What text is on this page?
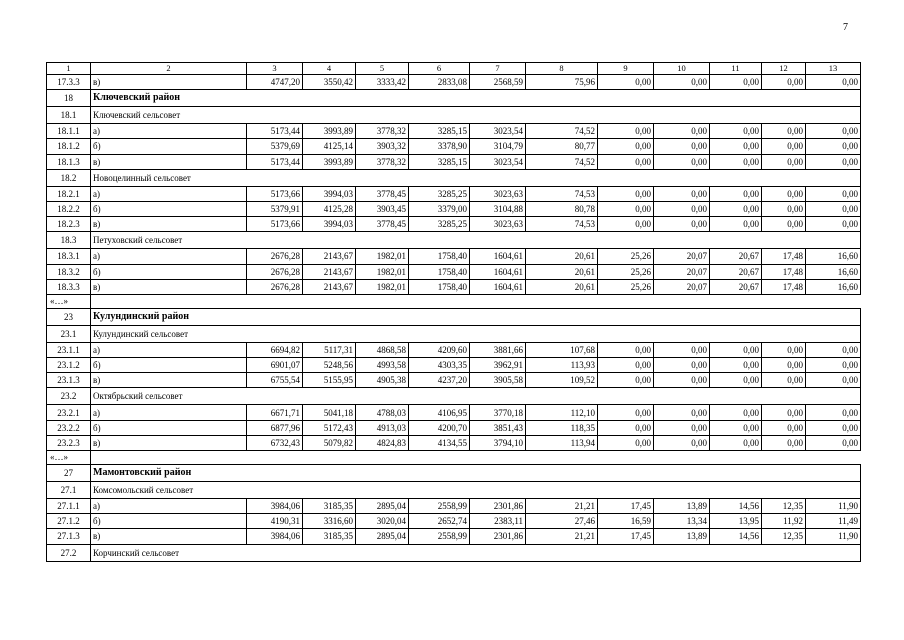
7
1	2	3	4	5	6	7	8	9	10	11	12	13
17.3.3	в)	4747,20	3550,42	3333,42	2833,08	2568,59	75,96	0,00	0,00	0,00	0,00	0,00
18	Ключевский район											
18.1	Ключевский сельсовет											
18.1.1	а)	5173,44	3993,89	3778,32	3285,15	3023,54	74,52	0,00	0,00	0,00	0,00	0,00
18.1.2	б)	5379,69	4125,14	3903,32	3378,90	3104,79	80,77	0,00	0,00	0,00	0,00	0,00
18.1.3	в)	5173,44	3993,89	3778,32	3285,15	3023,54	74,52	0,00	0,00	0,00	0,00	0,00
18.2	Новоцелинный сельсовет											
18.2.1	а)	5173,66	3994,03	3778,45	3285,25	3023,63	74,53	0,00	0,00	0,00	0,00	0,00
18.2.2	б)	5379,91	4125,28	3903,45	3379,00	3104,88	80,78	0,00	0,00	0,00	0,00	0,00
18.2.3	в)	5173,66	3994,03	3778,45	3285,25	3023,63	74,53	0,00	0,00	0,00	0,00	0,00
18.3	Петуховский сельсовет											
18.3.1	а)	2676,28	2143,67	1982,01	1758,40	1604,61	20,61	25,26	20,07	20,67	17,48	16,60
18.3.2	б)	2676,28	2143,67	1982,01	1758,40	1604,61	20,61	25,26	20,07	20,67	17,48	16,60
18.3.3	в)	2676,28	2143,67	1982,01	1758,40	1604,61	20,61	25,26	20,07	20,67	17,48	16,60
«…»												
23	Кулундинский район											
23.1	Кулундинский сельсовет											
23.1.1	а)	6694,82	5117,31	4868,58	4209,60	3881,66	107,68	0,00	0,00	0,00	0,00	0,00
23.1.2	б)	6901,07	5248,56	4993,58	4303,35	3962,91	113,93	0,00	0,00	0,00	0,00	0,00
23.1.3	в)	6755,54	5155,95	4905,38	4237,20	3905,58	109,52	0,00	0,00	0,00	0,00	0,00
23.2	Октябрьский сельсовет											
23.2.1	а)	6671,71	5041,18	4788,03	4106,95	3770,18	112,10	0,00	0,00	0,00	0,00	0,00
23.2.2	б)	6877,96	5172,43	4913,03	4200,70	3851,43	118,35	0,00	0,00	0,00	0,00	0,00
23.2.3	в)	6732,43	5079,82	4824,83	4134,55	3794,10	113,94	0,00	0,00	0,00	0,00	0,00
«…»												
27	Мамонтовский район											
27.1	Комсомольский сельсовет											
27.1.1	а)	3984,06	3185,35	2895,04	2558,99	2301,86	21,21	17,45	13,89	14,56	12,35	11,90
27.1.2	б)	4190,31	3316,60	3020,04	2652,74	2383,11	27,46	16,59	13,34	13,95	11,92	11,49
27.1.3	в)	3984,06	3185,35	2895,04	2558,99	2301,86	21,21	17,45	13,89	14,56	12,35	11,90
27.2	Корчинский сельсовет											
